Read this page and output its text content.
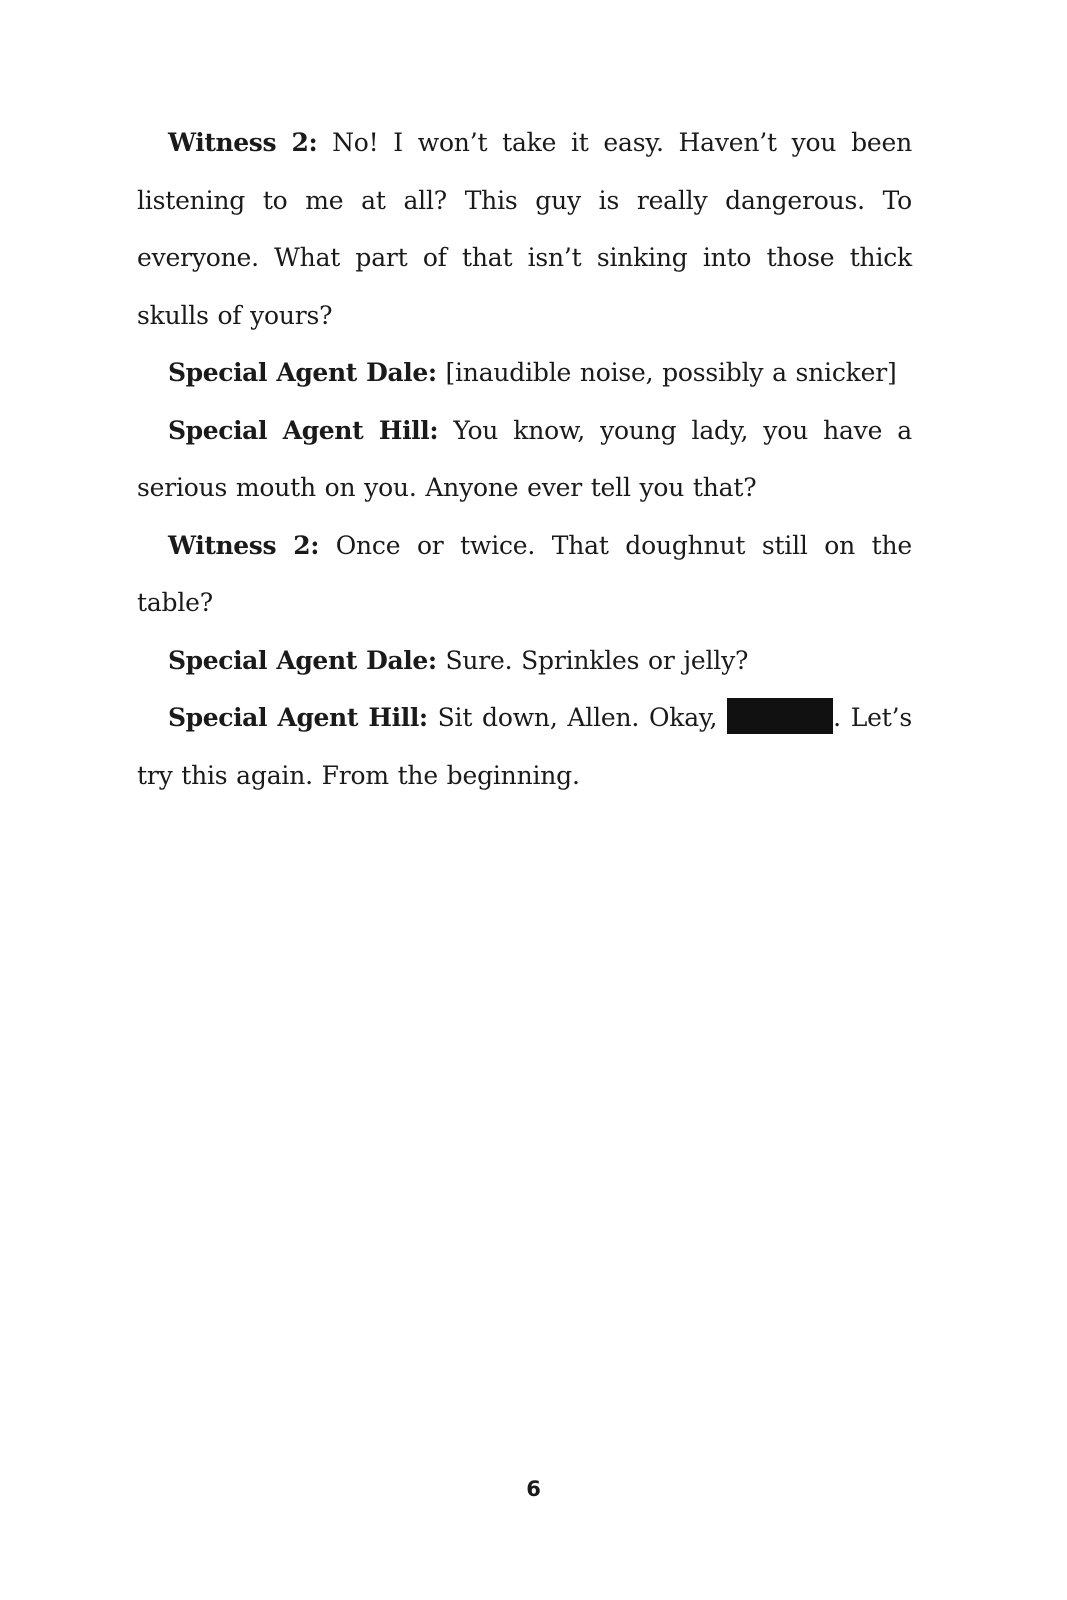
Witness 2: No! I won’t take it easy. Haven’t you been listening to me at all? This guy is really dangerous. To everyone. What part of that isn’t sinking into those thick skulls of yours?

Special Agent Dale: [inaudible noise, possibly a snicker]

Special Agent Hill: You know, young lady, you have a serious mouth on you. Anyone ever tell you that?

Witness 2: Once or twice. That doughnut still on the table?

Special Agent Dale: Sure. Sprinkles or jelly?

Special Agent Hill: Sit down, Allen. Okay,	. Let’s try this again. From the beginning.

6
